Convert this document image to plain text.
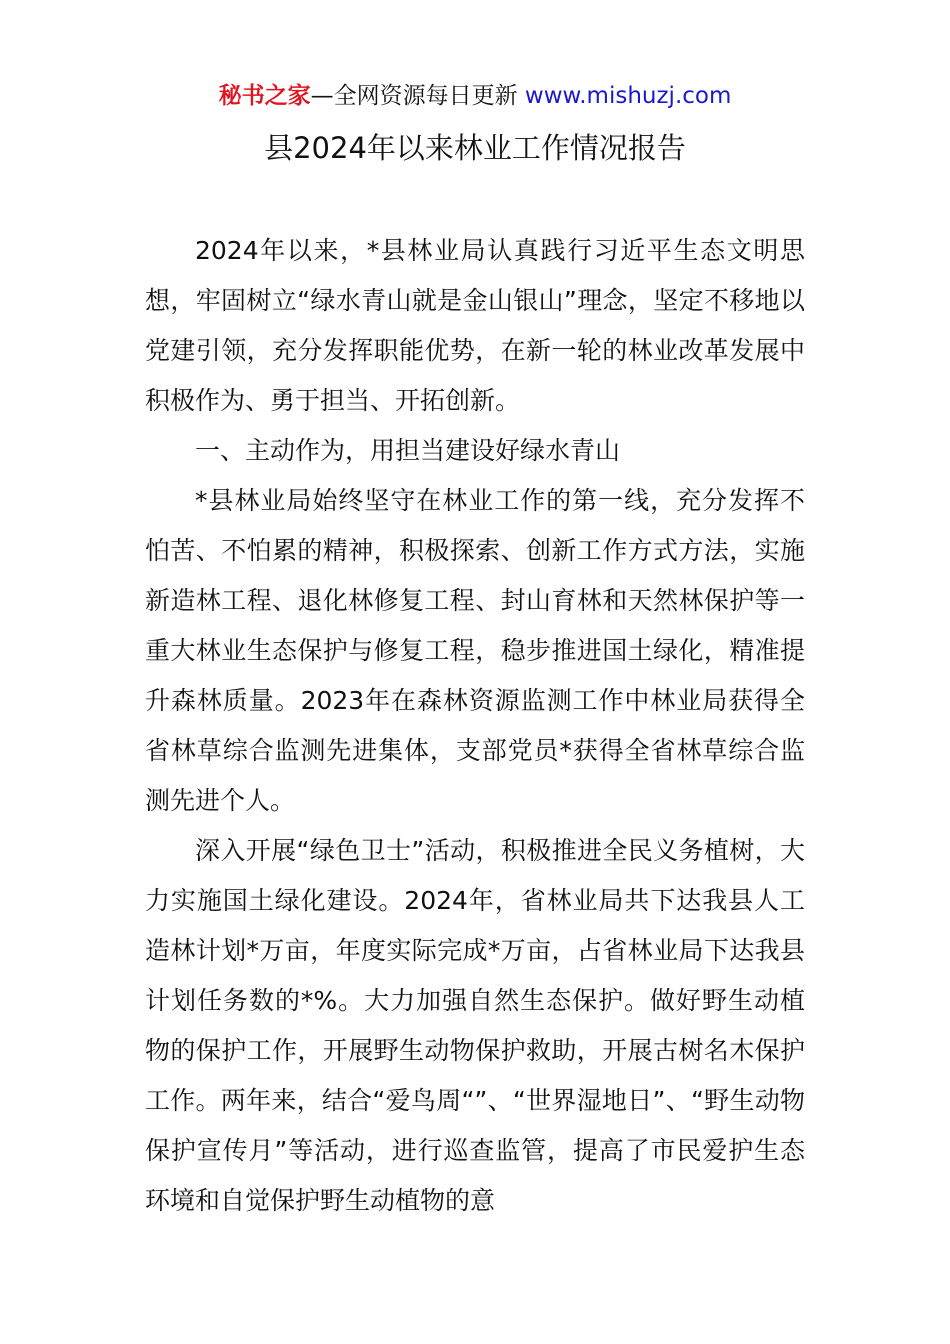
秘书之家—全网资源每日更新 www.mishuzj.com
县2024年以来林业工作情况报告

2024年以来，*县林业局认真践行习近平生态文明思想，牢固树立“绿水青山就是金山银山”理念，坚定不移地以党建引领，充分发挥职能优势，在新一轮的林业改革发展中积极作为、勇于担当、开拓创新。

一、主动作为，用担当建设好绿水青山

*县林业局始终坚守在林业工作的第一线，充分发挥不怕苦、不怕累的精神，积极探索、创新工作方式方法，实施新造林工程、退化林修复工程、封山育林和天然林保护等一重大林业生态保护与修复工程，稳步推进国土绿化，精准提升森林质量。2023年在森林资源监测工作中林业局获得全省林草综合监测先进集体，支部党员*获得全省林草综合监测先进个人。

深入开展“绿色卫士”活动，积极推进全民义务植树，大力实施国土绿化建设。2024年，省林业局共下达我县人工造林计划*万亩，年度实际完成*万亩，占省林业局下达我县计划任务数的*%。大力加强自然生态保护。做好野生动植物的保护工作，开展野生动物保护救助，开展古树名木保护工作。两年来，结合“爱鸟周“”、“世界湿地日”、“野生动物保护宣传月”等活动，进行巡查监管，提高了市民爱护生态环境和自觉保护野生动植物的意
